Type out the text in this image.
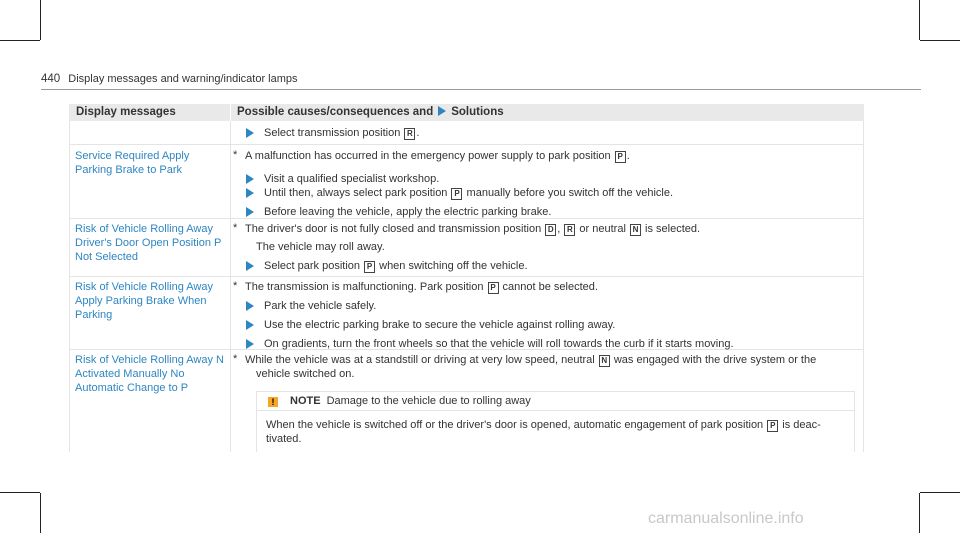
440 Display messages and warning/indicator lamps
Display messages	Possible causes/consequences and Solutions
Select transmission position R .
Service Required Apply Parking Brake to Park
* A malfunction has occurred in the emergency power supply to park position P .
Visit a qualified specialist workshop.
Until then, always select park position P manually before you switch off the vehicle.
Before leaving the vehicle, apply the electric parking brake.
Risk of Vehicle Rolling Away Driver's Door Open Position P Not Selected
* The driver's door is not fully closed and transmission position D , R or neutral N is selected.
The vehicle may roll away.
Select park position P when switching off the vehicle.
Risk of Vehicle Rolling Away Apply Parking Brake When Parking
* The transmission is malfunctioning. Park position P cannot be selected.
Park the vehicle safely.
Use the electric parking brake to secure the vehicle against rolling away.
On gradients, turn the front wheels so that the vehicle will roll towards the curb if it starts moving.
Risk of Vehicle Rolling Away N Activated Manually No Automatic Change to P
* While the vehicle was at a standstill or driving at very low speed, neutral N was engaged with the drive system or the
vehicle switched on.
!	NOTE Damage to the vehicle due to rolling away
When the vehicle is switched off or the driver's door is opened, automatic engagement of park position P is deac-
tivated.
carmanualsonline.info
